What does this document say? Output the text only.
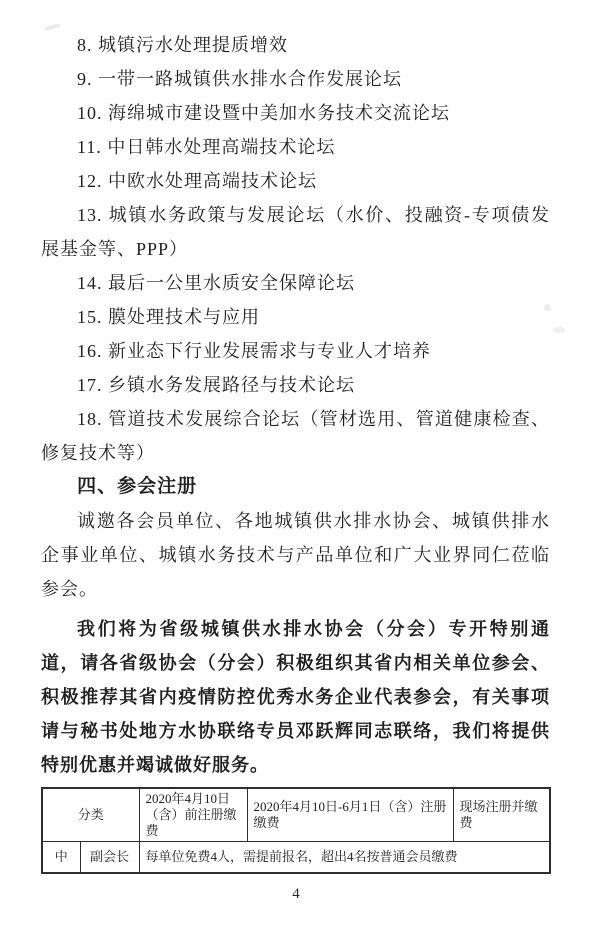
8. 城镇污水处理提质增效

9. 一带一路城镇供水排水合作发展论坛

10. 海绵城市建设暨中美加水务技术交流论坛

11. 中日韩水处理高端技术论坛

12. 中欧水处理高端技术论坛

13. 城镇水务政策与发展论坛（水价、投融资-专项债发展基金等、PPP）

14. 最后一公里水质安全保障论坛

15. 膜处理技术与应用

16. 新业态下行业发展需求与专业人才培养

17. 乡镇水务发展路径与技术论坛

18. 管道技术发展综合论坛（管材选用、管道健康检查、修复技术等）

四、参会注册

诚邀各会员单位、各地城镇供水排水协会、城镇供排水企事业单位、城镇水务技术与产品单位和广大业界同仁莅临参会。

我们将为省级城镇供水排水协会（分会）专开特别通道，请各省级协会（分会）积极组织其省内相关单位参会、积极推荐其省内疫情防控优秀水务企业代表参会，有关事项请与秘书处地方水协联络专员邓跃辉同志联络，我们将提供特别优惠并竭诚做好服务。

分类		2020年4月10日（含）前注册缴费	2020年4月10日-6月1日（含）注册缴费	现场注册并缴费
中	副会长	每单位免费4人，需提前报名，超出4名按普通会员缴费		
4
